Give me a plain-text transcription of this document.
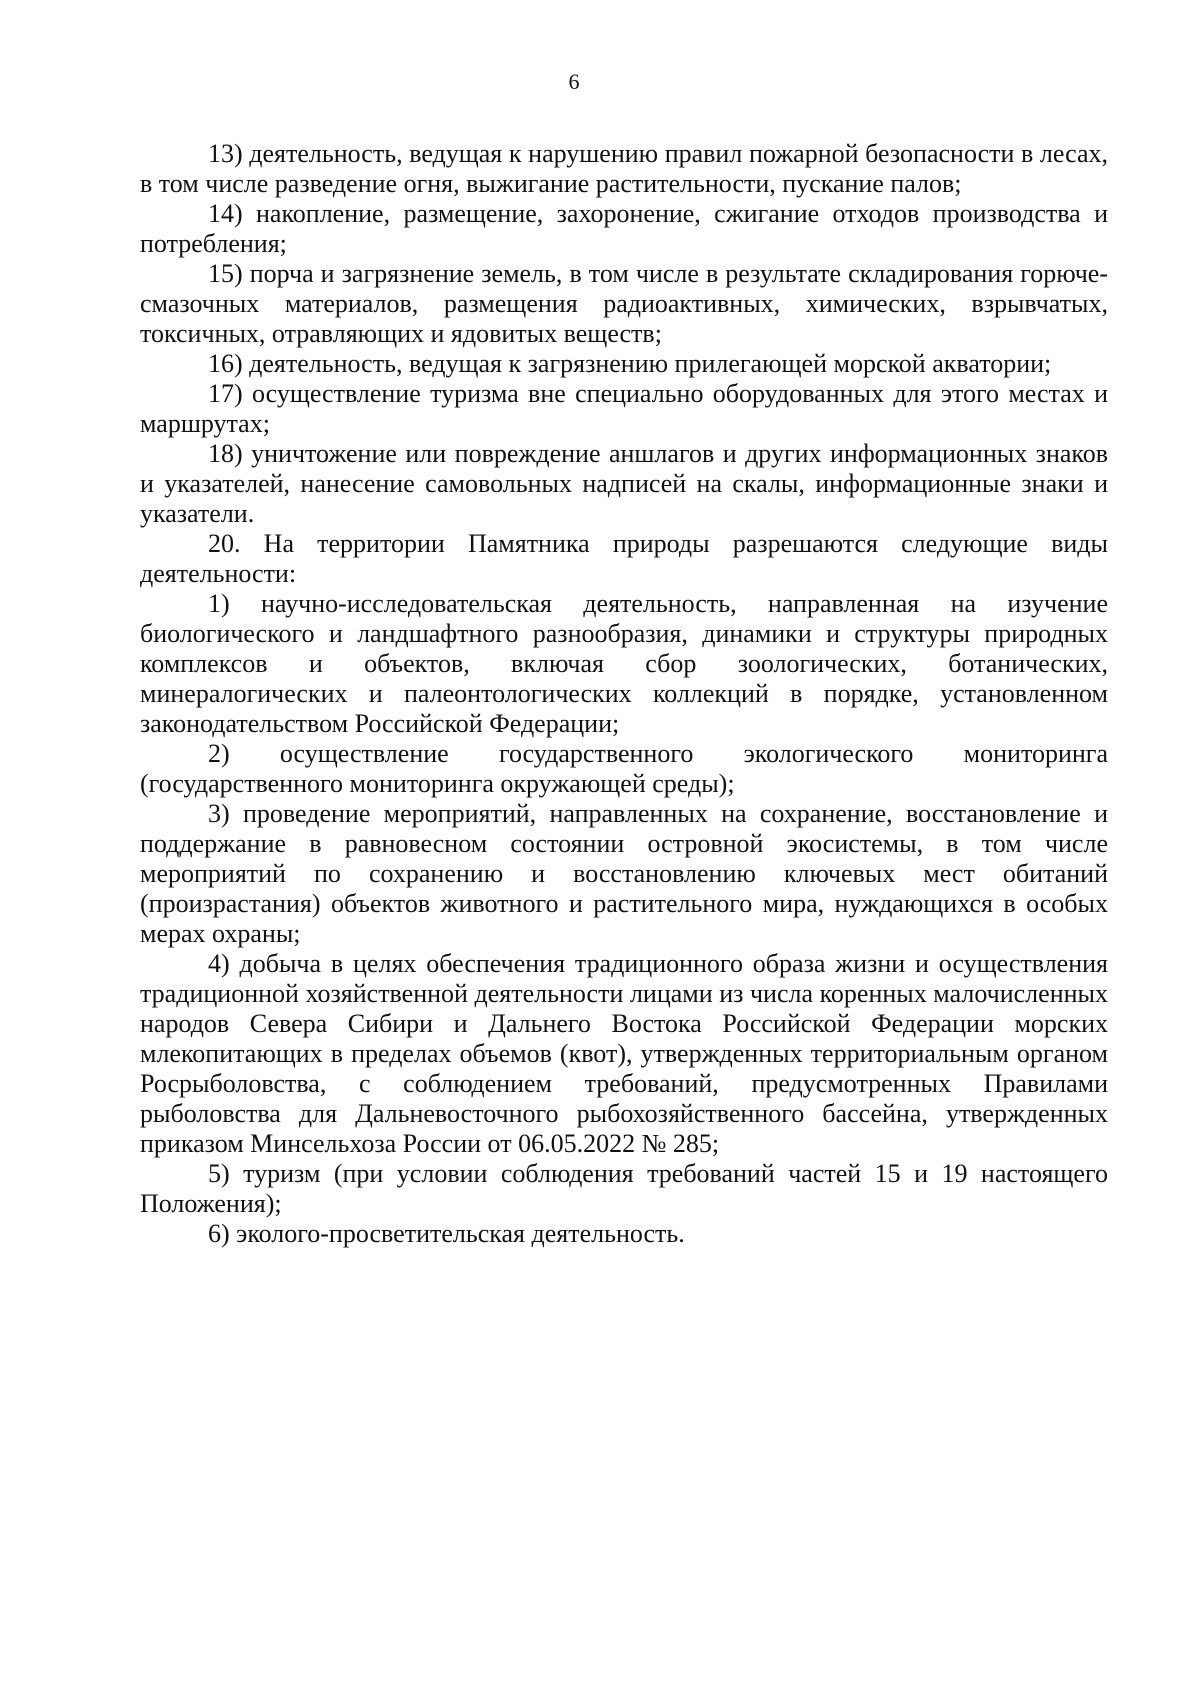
6

13) деятельность, ведущая к нарушению правил пожарной безопасности в лесах, в том числе разведение огня, выжигание растительности, пускание палов;

14) накопление, размещение, захоронение, сжигание отходов производства и потребления;

15) порча и загрязнение земель, в том числе в результате складирования горюче-смазочных материалов, размещения радиоактивных, химических, взрывчатых, токсичных, отравляющих и ядовитых веществ;

16) деятельность, ведущая к загрязнению прилегающей морской акватории;

17) осуществление туризма вне специально оборудованных для этого местах и маршрутах;

18) уничтожение или повреждение аншлагов и других информационных знаков и указателей, нанесение самовольных надписей на скалы, информационные знаки и указатели.

20. На территории Памятника природы разрешаются следующие виды деятельности:

1) научно-исследовательская деятельность, направленная на изучение биологического и ландшафтного разнообразия, динамики и структуры природных комплексов и объектов, включая сбор зоологических, ботанических, минералогических и палеонтологических коллекций в порядке, установленном законодательством Российской Федерации;

2) осуществление государственного экологического мониторинга (государственного мониторинга окружающей среды);

3) проведение мероприятий, направленных на сохранение, восстановление и поддержание в равновесном состоянии островной экосистемы, в том числе мероприятий по сохранению и восстановлению ключевых мест обитаний (произрастания) объектов животного и растительного мира, нуждающихся в особых мерах охраны;

4) добыча в целях обеспечения традиционного образа жизни и осуществления традиционной хозяйственной деятельности лицами из числа коренных малочисленных народов Севера Сибири и Дальнего Востока Российской Федерации морских млекопитающих в пределах объемов (квот), утвержденных территориальным органом Росрыболовства, с соблюдением требований, предусмотренных Правилами рыболовства для Дальневосточного рыбохозяйственного бассейна, утвержденных приказом Минсельхоза России от 06.05.2022 № 285;

5) туризм (при условии соблюдения требований частей 15 и 19 настоящего Положения);

6) эколого-просветительская деятельность.
